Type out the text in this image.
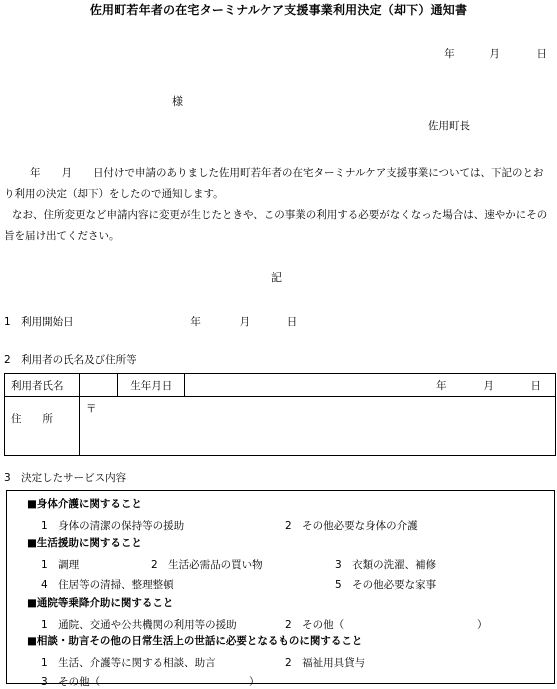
佐用町若年者の在宅ターミナルケア支援事業利用決定（却下）通知書
年	月	日
様
佐用町長
年　　月　　日付けで申請のありました佐用町若年者の在宅ターミナルケア支援事業については、下記のとおり利用の決定（却下）をしたので通知します。
なお、住所変更など申請内容に変更が生じたときや、この事業の利用する必要がなくなった場合は、速やかにその旨を届け出てください。
記
1　利用開始日	年	月	日
2　利用者の氏名及び住所等
利用者氏名		生年月日	年 月 日
住　　所	〒		
3　決定したサービス内容
■身体介護に関すること
1　身体の清潔の保持等の援助	2　その他必要な身体の介護
■生活援助に関すること
1　調理	2　生活必需品の買い物	3　衣類の洗濯、補修
4　住居等の清掃、整理整頓	5　その他必要な家事
■通院等乗降介助に関すること
1　通院、交通や公共機関の利用等の援助	2　その他（	）
■相談・助言その他の日常生活上の世話に必要となるものに関すること
1　生活、介護等に関する相談、助言	2　福祉用具貸与
3　その他（	）
